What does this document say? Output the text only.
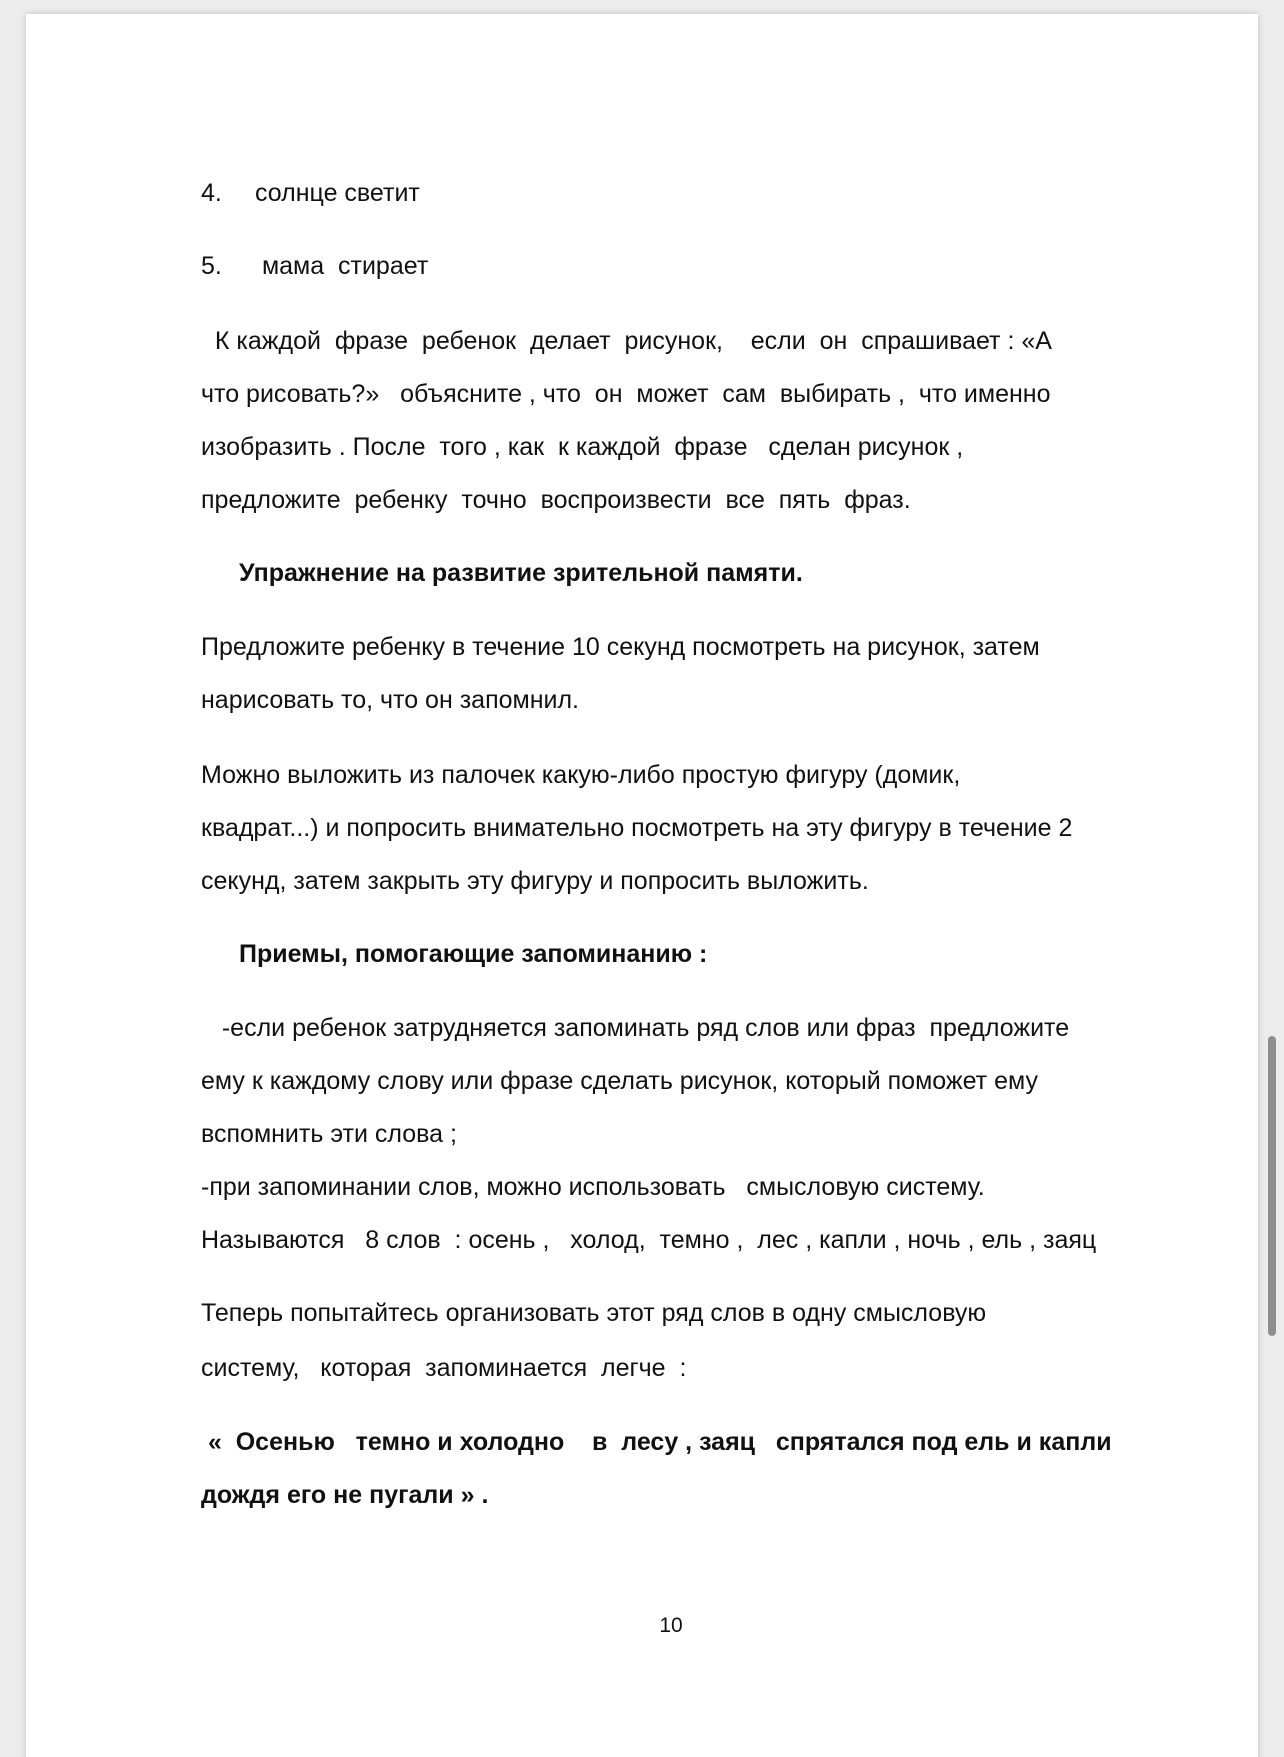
4. солнце светит
5. мама  стирает
К каждой  фразе  ребенок  делает  рисунок,    если  он  спрашивает : «А
что рисовать?»   объясните , что  он  может  сам  выбирать ,  что именно
изобразить . После  того , как  к каждой  фразе   сделан рисунок ,
предложите  ребенку  точно  воспроизвести  все  пять  фраз.
Упражнение на развитие зрительной памяти.
Предложите ребенку в течение 10 секунд посмотреть на рисунок, затем
нарисовать то, что он запомнил.
Можно выложить из палочек какую-либо простую фигуру (домик,
квадрат...) и попросить внимательно посмотреть на эту фигуру в течение 2
секунд, затем закрыть эту фигуру и попросить выложить.
Приемы, помогающие запоминанию :
-если ребенок затрудняется запоминать ряд слов или фраз  предложите
ему к каждому слову или фразе сделать рисунок, который поможет ему
вспомнить эти слова ;
-при запоминании слов, можно использовать   смысловую систему.
Называются   8 слов  : осень ,   холод,  темно ,  лес , капли , ночь , ель , заяц
Теперь попытайтесь организовать этот ряд слов в одну смысловую
систему,   которая  запоминается  легче  :
«  Осенью   темно и холодно    в  лесу , заяц   спрятался под ель и капли
дождя его не пугали » .
10
